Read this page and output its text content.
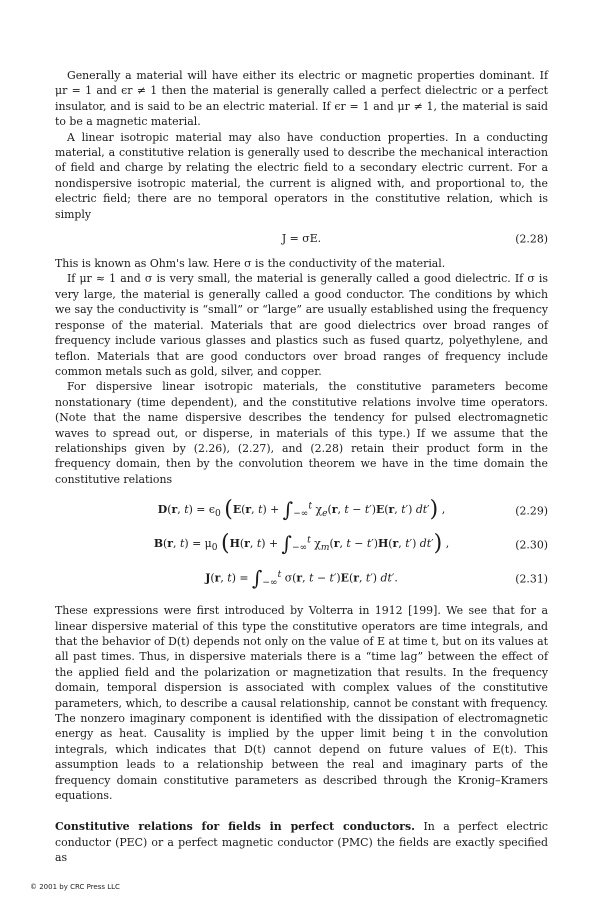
Generally a material will have either its electric or magnetic properties dominant. If μr = 1 and ϵr ≠ 1 then the material is generally called a perfect dielectric or a perfect insulator, and is said to be an electric material. If ϵr = 1 and μr ≠ 1, the material is said to be a magnetic material.

A linear isotropic material may also have conduction properties. In a conducting material, a constitutive relation is generally used to describe the mechanical interaction of field and charge by relating the electric field to a secondary electric current. For a nondispersive isotropic material, the current is aligned with, and proportional to, the electric field; there are no temporal operators in the constitutive relation, which is simply

J = σE.	(2.28)

This is known as Ohm's law. Here σ is the conductivity of the material.

If μr ≈ 1 and σ is very small, the material is generally called a good dielectric. If σ is very large, the material is generally called a good conductor. The conditions by which we say the conductivity is “small” or “large” are usually established using the frequency response of the material. Materials that are good dielectrics over broad ranges of frequency include various glasses and plastics such as fused quartz, polyethylene, and teflon. Materials that are good conductors over broad ranges of frequency include common metals such as gold, silver, and copper.

For dispersive linear isotropic materials, the constitutive parameters become nonstationary (time dependent), and the constitutive relations involve time operators. (Note that the name dispersive describes the tendency for pulsed electromagnetic waves to spread out, or disperse, in materials of this type.) If we assume that the relationships given by (2.26), (2.27), and (2.28) retain their product form in the frequency domain, then by the convolution theorem we have in the time domain the constitutive relations

D(r, $t) = \epsilon_0$ (E(r, $t) + \int_{-\infty}^t$ $\chi_e(r$, t − t′)E(r, t′) dt′) ,	(2.29)
B(r, $t) = \mu_0$ (H(r, $t) + \int_{-\infty}^t$ $\chi_m(r$, t − t′)H(r, t′) dt′) ,	(2.30)
J(r, $t) = \int_{-\infty}^t$ σ(r, t − t′)E(r, t′) dt′.	(2.31)

These expressions were first introduced by Volterra in 1912 [199]. We see that for a linear dispersive material of this type the constitutive operators are time integrals, and that the behavior of D(t) depends not only on the value of E at time t, but on its values at all past times. Thus, in dispersive materials there is a “time lag” between the effect of the applied field and the polarization or magnetization that results. In the frequency domain, temporal dispersion is associated with complex values of the constitutive parameters, which, to describe a causal relationship, cannot be constant with frequency. The nonzero imaginary component is identified with the dissipation of electromagnetic energy as heat. Causality is implied by the upper limit being t in the convolution integrals, which indicates that D(t) cannot depend on future values of E(t). This assumption leads to a relationship between the real and imaginary parts of the frequency domain constitutive parameters as described through the Kronig–Kramers equations.

Constitutive relations for fields in perfect conductors. In a perfect electric conductor (PEC) or a perfect magnetic conductor (PMC) the fields are exactly specified as

© 2001 by CRC Press LLC
